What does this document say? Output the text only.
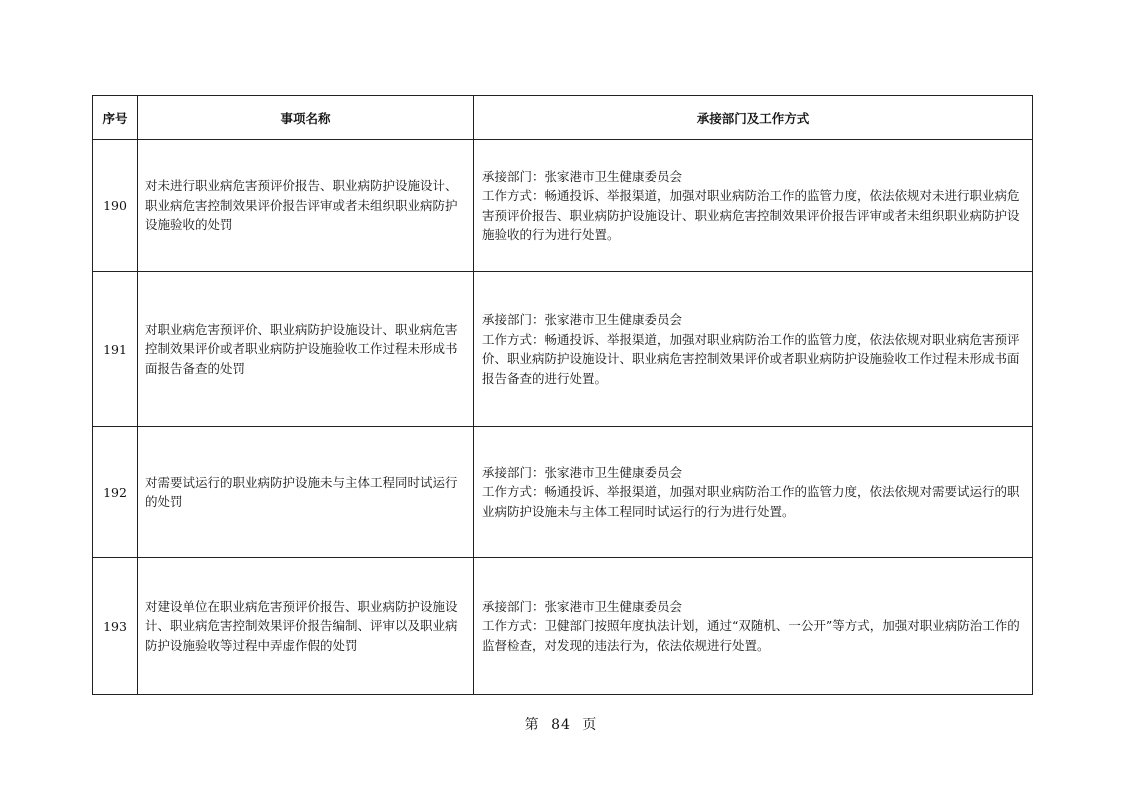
序号	事项名称	承接部门及工作方式
190	对未进行职业病危害预评价报告、职业病防护设施设计、职业病危害控制效果评价报告评审或者未组织职业病防护设施验收的处罚	承接部门：张家港市卫生健康委员会
工作方式：畅通投诉、举报渠道，加强对职业病防治工作的监管力度，依法依规对未进行职业病危害预评价报告、职业病防护设施设计、职业病危害控制效果评价报告评审或者未组织职业病防护设施验收的行为进行处置。

191	对职业病危害预评价、职业病防护设施设计、职业病危害控制效果评价或者职业病防护设施验收工作过程未形成书面报告备查的处罚	承接部门：张家港市卫生健康委员会
工作方式：畅通投诉、举报渠道，加强对职业病防治工作的监管力度，依法依规对职业病危害预评价、职业病防护设施设计、职业病危害控制效果评价或者职业病防护设施验收工作过程未形成书面报告备查的进行处置。

192	对需要试运行的职业病防护设施未与主体工程同时试运行的处罚	承接部门：张家港市卫生健康委员会
工作方式：畅通投诉、举报渠道，加强对职业病防治工作的监管力度，依法依规对需要试运行的职业病防护设施未与主体工程同时试运行的行为进行处置。

193	对建设单位在职业病危害预评价报告、职业病防护设施设计、职业病危害控制效果评价报告编制、评审以及职业病防护设施验收等过程中弄虚作假的处罚	承接部门：张家港市卫生健康委员会
工作方式：卫健部门按照年度执法计划，通过“双随机、一公开”等方式，加强对职业病防治工作的监督检查，对发现的违法行为，依法依规进行处置。
第 84 页
